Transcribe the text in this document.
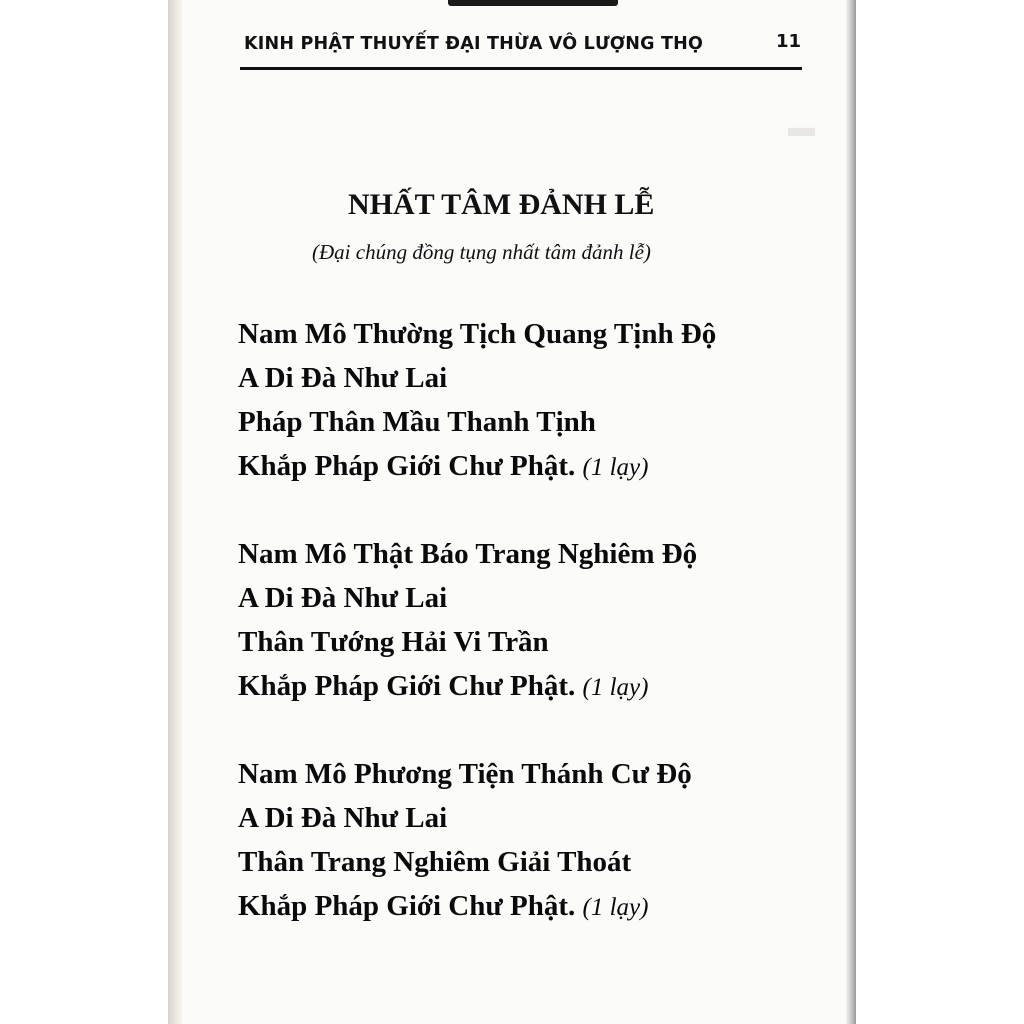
▬
KINH PHẬT THUYẾT ĐẠI THỪA VÔ LƯỢNG THỌ	11
NHẤT TÂM ĐẢNH LỄ
(Đại chúng đồng tụng nhất tâm đảnh lễ)
Nam Mô Thường Tịch Quang Tịnh Độ
A Di Đà Như Lai
Pháp Thân Mầu Thanh Tịnh
Khắp Pháp Giới Chư Phật. (1 lạy)
Nam Mô Thật Báo Trang Nghiêm Độ
A Di Đà Như Lai
Thân Tướng Hải Vi Trần
Khắp Pháp Giới Chư Phật. (1 lạy)
Nam Mô Phương Tiện Thánh Cư Độ
A Di Đà Như Lai
Thân Trang Nghiêm Giải Thoát
Khắp Pháp Giới Chư Phật. (1 lạy)
